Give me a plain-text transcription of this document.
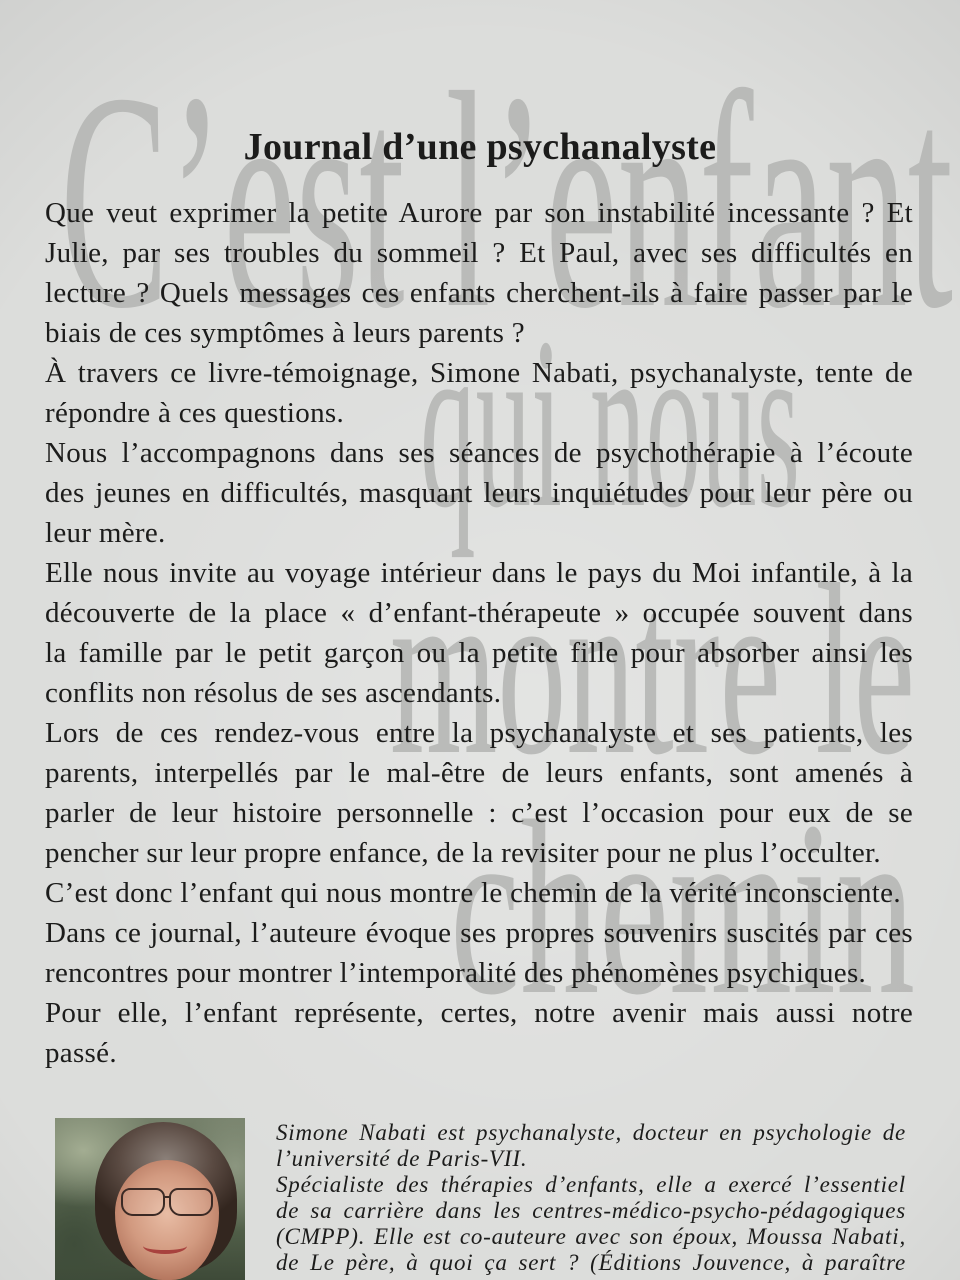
C’est l’enfant
qui nous
montre le
chemin
Journal d’une psychanalyste
Que veut exprimer la petite Aurore par son instabilité incessante ? Et
Julie, par ses troubles du sommeil ? Et Paul, avec ses difficultés en
lecture ? Quels messages ces enfants cherchent-ils à faire passer par le
biais de ces symptômes à leurs parents ?
À travers ce livre-témoignage, Simone Nabati, psychanalyste, tente de
répondre à ces questions.
Nous l’accompagnons dans ses séances de psychothérapie à l’écoute
des jeunes en difficultés, masquant leurs inquiétudes pour leur père ou
leur mère.
Elle nous invite au voyage intérieur dans le pays du Moi infantile, à la
découverte de la place « d’enfant-thérapeute » occupée souvent dans
la famille par le petit garçon ou la petite fille pour absorber ainsi les
conflits non résolus de ses ascendants.
Lors de ces rendez-vous entre la psychanalyste et ses patients, les
parents, interpellés par le mal-être de leurs enfants, sont amenés à
parler de leur histoire personnelle : c’est l’occasion pour eux de se
pencher sur leur propre enfance, de la revisiter pour ne plus l’occulter.
C’est donc l’enfant qui nous montre le chemin de la vérité inconsciente.
Dans ce journal, l’auteure évoque ses propres souvenirs suscités par ces
rencontres pour montrer l’intemporalité des phénomènes psychiques.
Pour elle, l’enfant représente, certes, notre avenir mais aussi notre
passé.
Simone Nabati est psychanalyste, docteur en psychologie de
l’université de Paris-VII.
Spécialiste des thérapies d’enfants, elle a exercé l’essentiel
de sa carrière dans les centres-médico-psycho-pédagogiques
(CMPP). Elle est co-auteure avec son époux, Moussa Nabati,
de Le père, à quoi ça sert ? (Éditions Jouvence, à paraître
